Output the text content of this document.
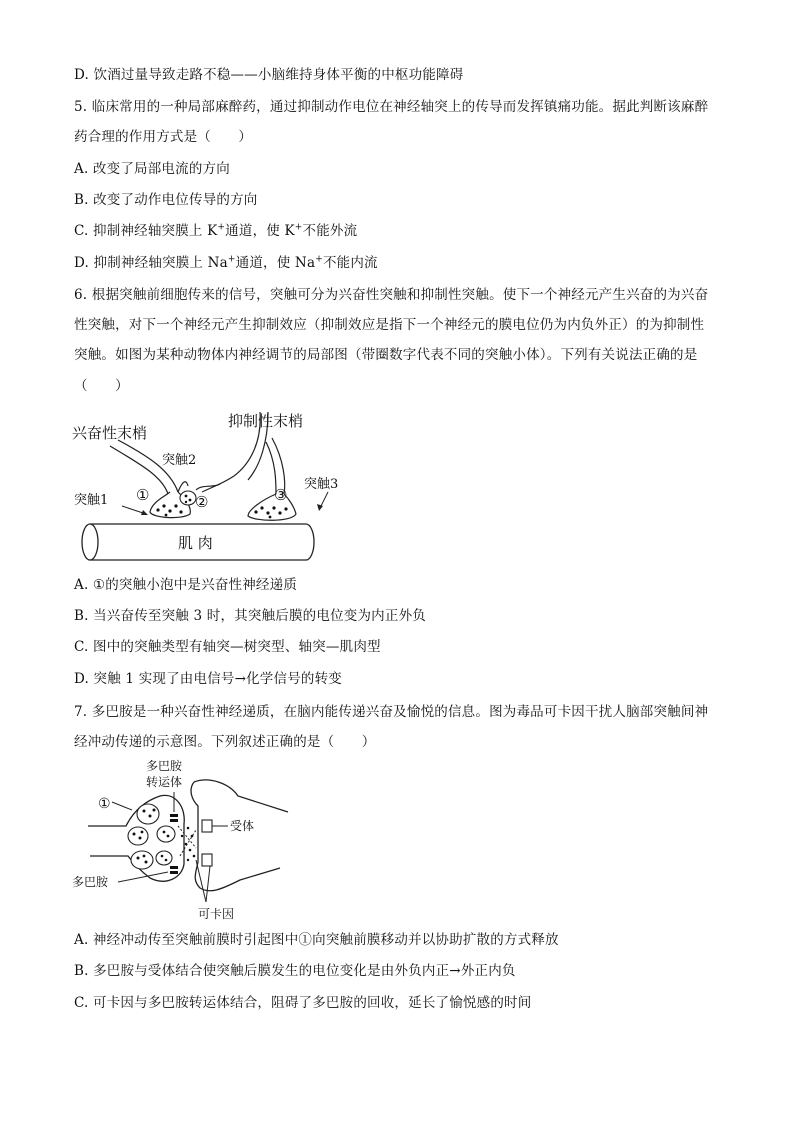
D. 饮酒过量导致走路不稳——小脑维持身体平衡的中枢功能障碍
5. 临床常用的一种局部麻醉药，通过抑制动作电位在神经轴突上的传导而发挥镇痛功能。据此判断该麻醉
药合理的作用方式是（　　）
A. 改变了局部电流的方向
B. 改变了动作电位传导的方向
C. 抑制神经轴突膜上 K+通道，使 K+不能外流
D. 抑制神经轴突膜上 Na+通道，使 Na+不能内流
6. 根据突触前细胞传来的信号，突触可分为兴奋性突触和抑制性突触。使下一个神经元产生兴奋的为兴奋
性突触，对下一个神经元产生抑制效应（抑制效应是指下一个神经元的膜电位仍为内负外正）的为抑制性
突触。如图为某种动物体内神经调节的局部图（带圈数字代表不同的突触小体）。下列有关说法正确的是
（　　）
兴奋性末梢
抑制性末梢
突触2
突触1
突触3
①	②	③
肌 肉
A. ①的突触小泡中是兴奋性神经递质
B. 当兴奋传至突触 3 时，其突触后膜的电位变为内正外负
C. 图中的突触类型有轴突—树突型、轴突—肌肉型
D. 突触 1 实现了由电信号→化学信号的转变
7. 多巴胺是一种兴奋性神经递质，在脑内能传递兴奋及愉悦的信息。图为毒品可卡因干扰人脑部突触间神
经冲动传递的示意图。下列叙述正确的是（　　）
多巴胺
转运体
①
受体
多巴胺
可卡因
A. 神经冲动传至突触前膜时引起图中①向突触前膜移动并以协助扩散的方式释放
B. 多巴胺与受体结合使突触后膜发生的电位变化是由外负内正→外正内负
C. 可卡因与多巴胺转运体结合，阻碍了多巴胺的回收，延长了愉悦感的时间
